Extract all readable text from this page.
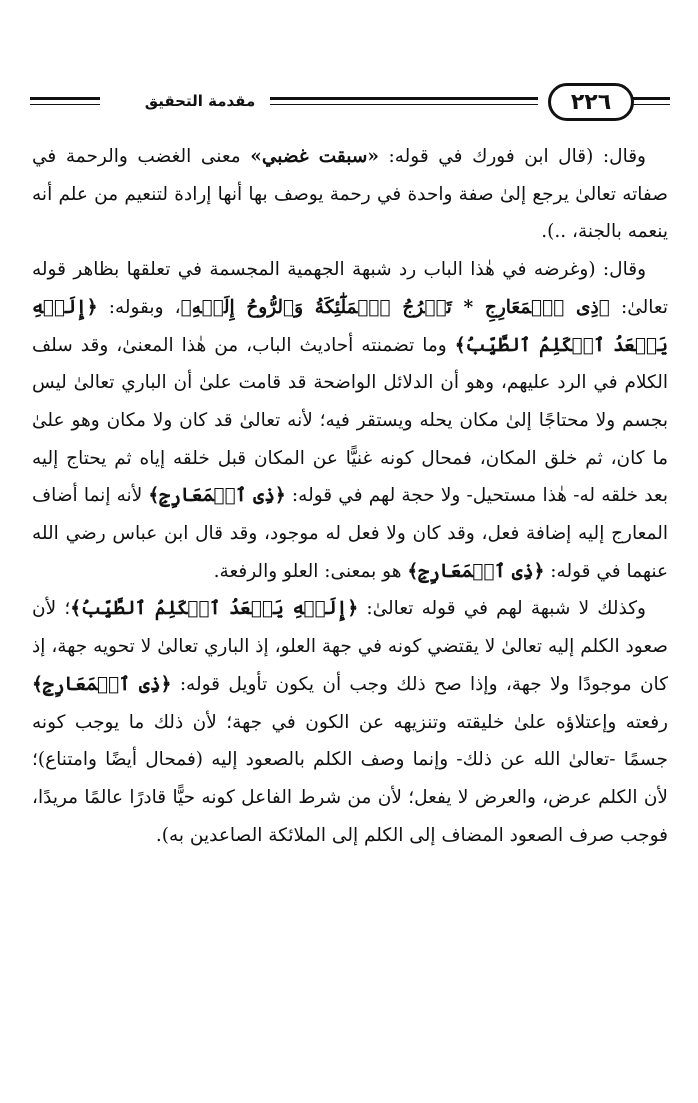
مقدمة التحقيق	٢٢٦

وقال: (قال ابن فورك في قوله: «سبقت غضبي» معنى الغضب والرحمة في صفاته تعالىٰ يرجع إلىٰ صفة واحدة في رحمة يوصف بها أنها إرادة لتنعيم من علم أنه ينعمه بالجنة، ..).

وقال: (وغرضه في هٰذا الباب رد شبهة الجهمية المجسمة في تعلقها بظاهر قوله تعالىٰ: ﴿ذِى ٱلۡمَعَارِجِ * تَعۡرُجُ ٱلۡمَلَٰٓئِكَةُ وَٱلرُّوحُ إِلَيۡهِ﴾، وبقوله: ﴿إِلَيۡهِ يَصۡعَدُ ٱلۡكَلِمُ ٱلطَّيِّبُ﴾ وما تضمنته أحاديث الباب، من هٰذا المعنىٰ، وقد سلف الكلام في الرد عليهم، وهو أن الدلائل الواضحة قد قامت علىٰ أن الباري تعالىٰ ليس بجسم ولا محتاجًا إلىٰ مكان يحله ويستقر فيه؛ لأنه تعالىٰ قد كان ولا مكان وهو علىٰ ما كان، ثم خلق المكان، فمحال كونه غنيًّا عن المكان قبل خلقه إياه ثم يحتاج إليه بعد خلقه له- هٰذا مستحيل- ولا حجة لهم في قوله: ﴿ذِى ٱلۡمَعَارِجِ﴾ لأنه إنما أضاف المعارج إليه إضافة فعل، وقد كان ولا فعل له موجود، وقد قال ابن عباس رضي الله عنهما في قوله: ﴿ذِى ٱلۡمَعَارِجِ﴾ هو بمعنى: العلو والرفعة.

وكذلك لا شبهة لهم في قوله تعالىٰ: ﴿إِلَيۡهِ يَصۡعَدُ ٱلۡكَلِمُ ٱلطَّيِّبُ﴾؛ لأن صعود الكلم إليه تعالىٰ لا يقتضي كونه في جهة العلو، إذ الباري تعالىٰ لا تحويه جهة، إذ كان موجودًا ولا جهة، وإذا صح ذلك وجب أن يكون تأويل قوله: ﴿ذِى ٱلۡمَعَارِجِ﴾ رفعته وإعتلاؤه علىٰ خليقته وتنزيهه عن الكون في جهة؛ لأن ذلك ما يوجب كونه جسمًا -تعالىٰ الله عن ذلك- وإنما وصف الكلم بالصعود إليه (فمحال أيضًا وامتناع)؛ لأن الكلم عرض، والعرض لا يفعل؛ لأن من شرط الفاعل كونه حيًّا قادرًا عالمًا مريدًا، فوجب صرف الصعود المضاف إلى الكلم إلى الملائكة الصاعدين به).
